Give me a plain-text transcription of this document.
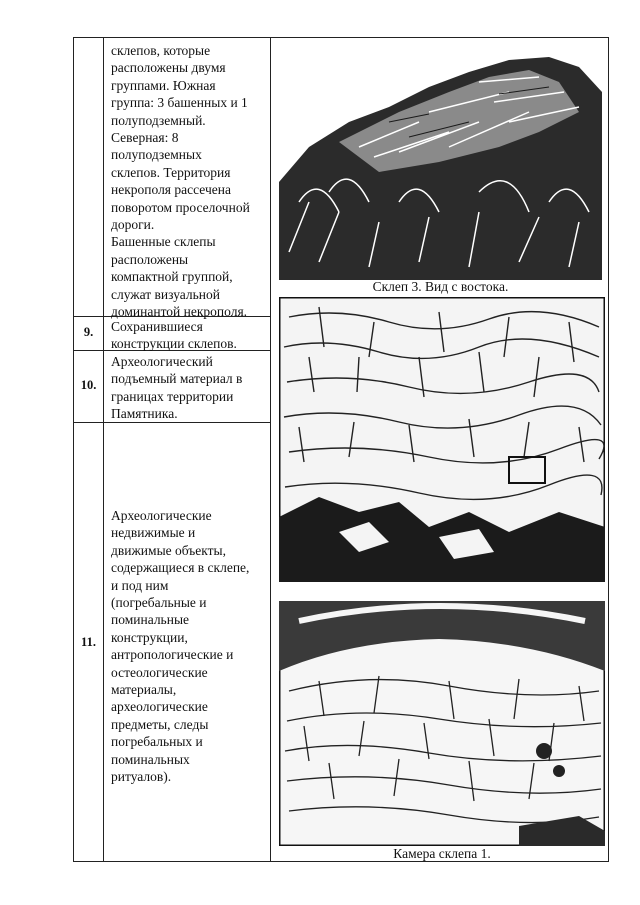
склепов, которые
расположены двумя
группами. Южная
группа: 3 башенных и 1
полуподземный.
Северная: 8
полуподземных
склепов. Территория
некрополя рассечена
поворотом проселочной
дороги.
Башенные склепы
расположены
компактной группой,
служат визуальной
доминантой некрополя.
9.	Сохранившиеся
конструкции склепов.
10.
Археологический
подъемный материал в
границах территории
Памятника.
11.
Археологические
недвижимые и
движимые объекты,
содержащиеся в склепе,
и под ним
(погребальные и
поминальные
конструкции,
антропологические и
остеологические
материалы,
археологические
предметы, следы
погребальных и
поминальных
ритуалов).
Склеп 3. Вид с востока.
Камера склепа 1.
